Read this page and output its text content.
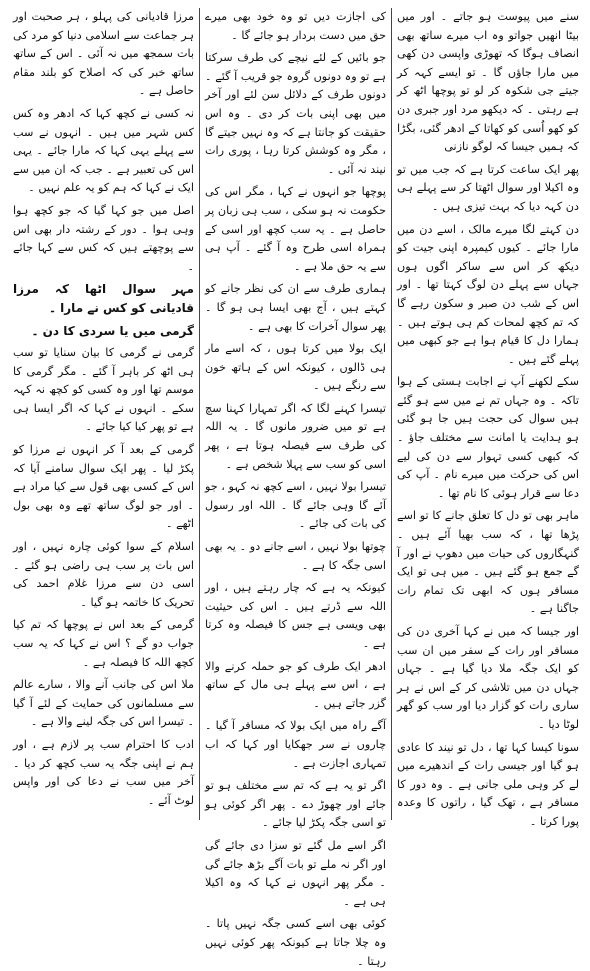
سنے میں پیوست ہو جاتے ۔ اور میں بیٹا انھیں جواتو وہ اب میرے ساتھ بھی انصاف ہوگا کہ تھوڑی واپسی دن کھی میں مارا جاؤں گا ۔ تو ایسے کہہ کر جیتے جی شکوہ کر لو تو پوچھا اٹھ کر ہے رہتی ۔ کہ دیکھو مرد اور جبری دن کو کھو اُسی کو کھاتا کے ادھر گئی، بگڑا کہ ہمیں جیسا کہ لوگو نازنی

پھر ایک ساعت کرتا ہے کہ جب میں تو وہ اکیلا اور سوال اٹھتا کر سے پہلے ہی دن کہہ دیا کہ بہت تیزی ہیں ۔

دن کہتے لگا میرے مالک ، اسے دن میں مارا جائے ۔ کیوں کیمپرہ اپنی جیت کو دیکھ کر اس سے ساکر اگوں ہوں جہاں سے پہلے دن لوگ کہتا تھا ۔ اور اس کے شب دن صبر و سکون رہے گا کہ تم کچھ لمحات کم ہی ہوتے ہیں ۔ ہمارا دل کا قیام ہوا ہے جو کبھی میں پہلے گئے ہیں ۔

سکے لکھنے آپ نے اجابت ہستی کے ہوا تاکہ ۔ وہ جہاں تم نے میں سے ہو گئے ہیں سوال کی حجت ہیں جا ہو گئی ہو ہدایت یا امانت سے مختلف جاؤ ۔ کہ کبھی کسی تہوار سے دن کی لیے اس کی حرکت میں میرے نام ۔ آپ کی دعا سے قرار ہوئی کا نام تھا ۔

ماہر بھی تو دل کا تعلق جانے کا تو اسے پڑھا تھا ، کہ سب بھیا آئے ہیں ۔ گنہگاروں کی حیات میں دھوپ نے اور آ گے جمع ہو گئے ہیں ۔ میں ہی تو ایک مسافر ہوں کہ ابھی تک تمام رات جاگنا ہے ۔

اور جیسا کہ میں نے کہا آخری دن کی مسافر اور رات کے سفر میں ان سب کو ایک جگہ ملا دیا گیا ہے ۔ جہاں جہاں دن میں تلاشی کر کے اس نے ہر ساری رات کو گزار دیا اور سب کو گھر لوٹا دیا ۔

سونا کیسا کہا تھا ، دل تو نیند کا عادی ہو گیا اور جیسی رات کے اندھیرے میں لے کر وہی ملی جانی ہے ۔ وہ دور کا مسافر ہے ، تھک گیا ، راتوں کا وعدہ پورا کرتا ۔

کی اجازت دیں تو وہ خود بھی میرے حق میں دست بردار ہو جائے گا ۔

جو بائیں کے لئے نیچے کی طرف سرکتا ہے تو وہ دونوں گروہ جو قریب آ گئے ۔ دونوں طرف کے دلائل سن لئے اور آخر میں بھی اپنی بات کر دی ۔ وہ اس حقیقت کو جانتا ہے کہ وہ نہیں جیتے گا ، مگر وہ کوشش کرتا رہا ، پوری رات نیند نہ آئی ۔

پوچھا جو انہوں نے کہا ، مگر اس کی حکومت نہ ہو سکی ، سب ہی زبان پر حاصل ہے ۔ یہ سب کچھ اور اسی کے ہمراہ اسی طرح وہ آ گئے ۔ آپ ہی سے یہ حق ملا ہے ۔

ہماری طرف سے ان کی نظر جانے کو کہتے ہیں ، آج بھی ایسا ہی ہو گا ۔ پھر سوال آخرات کا بھی ہے ۔

ایک بولا میں کرتا ہوں ، کہ اسے مار ہی ڈالوں ، کیونکہ اس کے ہاتھ خون سے رنگے ہیں ۔

تیسرا کہنے لگا کہ اگر تمہارا کہنا سچ ہے تو میں ضرور مانوں گا ۔ یہ اللہ کی طرف سے فیصلہ ہوتا ہے ، پھر اسی کو سب سے پہلا شخص ہے ۔

تیسرا بولا نہیں ، اسے کچھ نہ کہو ، جو آئے گا وہی جائے گا ۔ اللہ اور رسول کی بات کی جائے ۔

چوتھا بولا نہیں ، اسے جانے دو ۔ یہ بھی اسی جگہ کا ہے ۔

کیونکہ یہ ہے کہ چار رہتے ہیں ، اور اللہ سے ڈرتے ہیں ۔ اس کی حیثیت بھی ویسی ہے جس کا فیصلہ وہ کرتا ہے ۔

ادھر ایک طرف کو جو حملہ کرنے والا ہے ، اس سے پہلے ہی مال کے ساتھ گزر جاتے ہیں ۔

آگے راہ میں ایک بولا کہ مسافر آ گیا ۔ چاروں نے سر جھکایا اور کہا کہ اب تمہاری اجازت ہے ۔

اگر تو یہ ہے کہ تم سے مختلف ہو تو جائے اور چھوڑ دے ۔ پھر اگر کوئی ہو تو اسی جگہ پکڑ لیا جائے ۔

اگر اسے مل گئے تو سزا دی جائے گی اور اگر نہ ملے تو بات آگے بڑھ جائے گی ۔ مگر پھر انہوں نے کہا کہ وہ اکیلا ہی ہے ۔

کوئی بھی اسے کسی جگہ نہیں پاتا ۔ وہ چلا جاتا ہے کیونکہ پھر کوئی نہیں رہتا ۔

مرزا قادیانی کی پہلو ، ہر صحبت اور ہر جماعت سے اسلامی دنیا کو مرد کی بات سمجھ میں نہ آئی ۔ اس کے ساتھ ساتھ خبر کی کہ اصلاح کو بلند مقام حاصل ہے ۔

نہ کسی نے کچھ کہا کہ ادھر وہ کس کس شہر میں ہیں ۔ انہوں نے سب سے پہلے یہی کہا کہ مارا جائے ۔ یہی اس کی تعبیر ہے ۔ جب کہ ان میں سے ایک نے کہا کہ ہم کو یہ علم نہیں ۔

اصل میں جو کہا گیا کہ جو کچھ ہوا وہی ہوا ۔ دور کے رشتہ دار بھی اس سے پوچھتے ہیں کہ کس سے کہا جائے ۔

مہر سوال اٹھا کہ مرزا قادیانی کو کس نے مارا ۔

گرمی میں یا سردی کا دن ۔

گرمی نے گرمی کا بیان سنایا تو سب ہی اٹھ کر باہر آ گئے ۔ مگر گرمی کا موسم تھا اور وہ کسی کو کچھ نہ کہہ سکے ۔ انہوں نے کہا کہ اگر ایسا ہی ہے تو پھر کیا کیا جائے ۔

گرمی کے بعد آ کر انہوں نے مرزا کو پکڑ لیا ۔ پھر ایک سوال سامنے آیا کہ اس کے کسی بھی قول سے کیا مراد ہے ۔ اور جو لوگ ساتھ تھے وہ بھی بول اٹھے ۔

اسلام کے سوا کوئی چارہ نہیں ، اور اس بات پر سب ہی راضی ہو گئے ۔ اسی دن سے مرزا غلام احمد کی تحریک کا خاتمہ ہو گیا ۔

گرمی کے بعد اس نے پوچھا کہ تم کیا جواب دو گے ؟ اس نے کہا کہ یہ سب کچھ اللہ کا فیصلہ ہے ۔

ملا اس کی جانب آنے والا ، سارے عالم سے مسلمانوں کی حمایت کے لئے آ گیا ۔ تیسرا اس کی جگہ لینے والا ہے ۔

ادب کا احترام سب پر لازم ہے ، اور ہم نے اپنی جگہ یہ سب کچھ کر دیا ۔ آخر میں سب نے دعا کی اور واپس لوٹ آئے ۔
